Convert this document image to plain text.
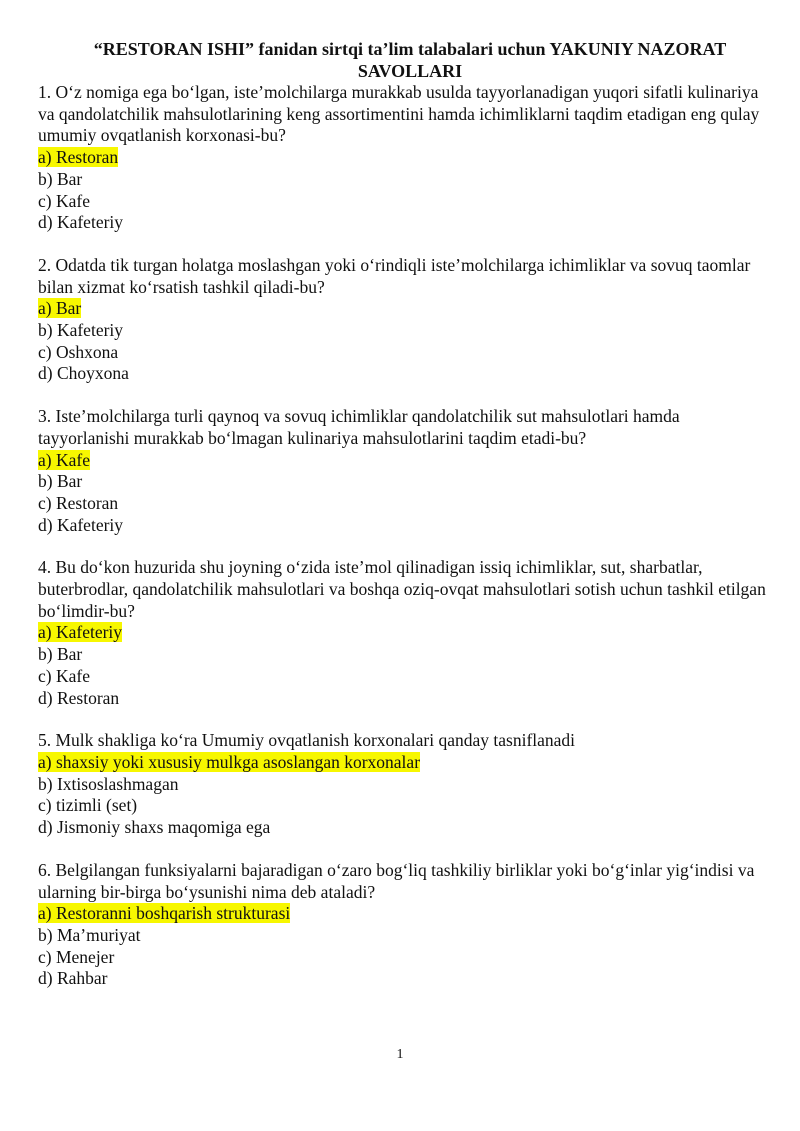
“RESTORAN ISHI” fanidan sirtqi ta’lim talabalari uchun YAKUNIY NAZORAT
SAVOLLARI
1. O‘z nomiga ega bo‘lgan, iste’molchilarga murakkab usulda tayyorlanadigan yuqori sifatli kulinariya va qandolatchilik mahsulotlarining keng assortimentini hamda ichimliklarni taqdim etadigan eng qulay umumiy ovqatlanish korxonasi-bu?
a) Restoran
b) Bar
c) Kafe
d) Kafeteriy
2. Odatda tik turgan holatga moslashgan yoki o‘rindiqli iste’molchilarga ichimliklar va sovuq taomlar bilan xizmat ko‘rsatish tashkil qiladi-bu?
a) Bar
b) Kafeteriy
c) Oshxona
d) Choyxona
3. Iste’molchilarga turli qaynoq va sovuq ichimliklar qandolatchilik sut mahsulotlari hamda tayyorlanishi murakkab bo‘lmagan kulinariya mahsulotlarini taqdim etadi-bu?
a) Kafe
b) Bar
c) Restoran
d) Kafeteriy
4. Bu do‘kon huzurida shu joyning o‘zida iste’mol qilinadigan issiq ichimliklar, sut, sharbatlar, buterbrodlar, qandolatchilik mahsulotlari va boshqa oziq-ovqat mahsulotlari sotish uchun tashkil etilgan bo‘limdir-bu?
a) Kafeteriy
b) Bar
c) Kafe
d) Restoran
5. Mulk shakliga ko‘ra Umumiy ovqatlanish korxonalari qanday tasniflanadi
a) shaxsiy yoki xususiy mulkga asoslangan korxonalar
b) Ixtisoslashmagan
c) tizimli (set)
d) Jismoniy shaxs maqomiga ega
6. Belgilangan funksiyalarni bajaradigan o‘zaro bog‘liq tashkiliy birliklar yoki bo‘g‘inlar yig‘indisi va ularning bir-birga bo‘ysunishi nima deb ataladi?
a) Restoranni boshqarish strukturasi
b) Ma’muriyat
c) Menejer
d) Rahbar
1
